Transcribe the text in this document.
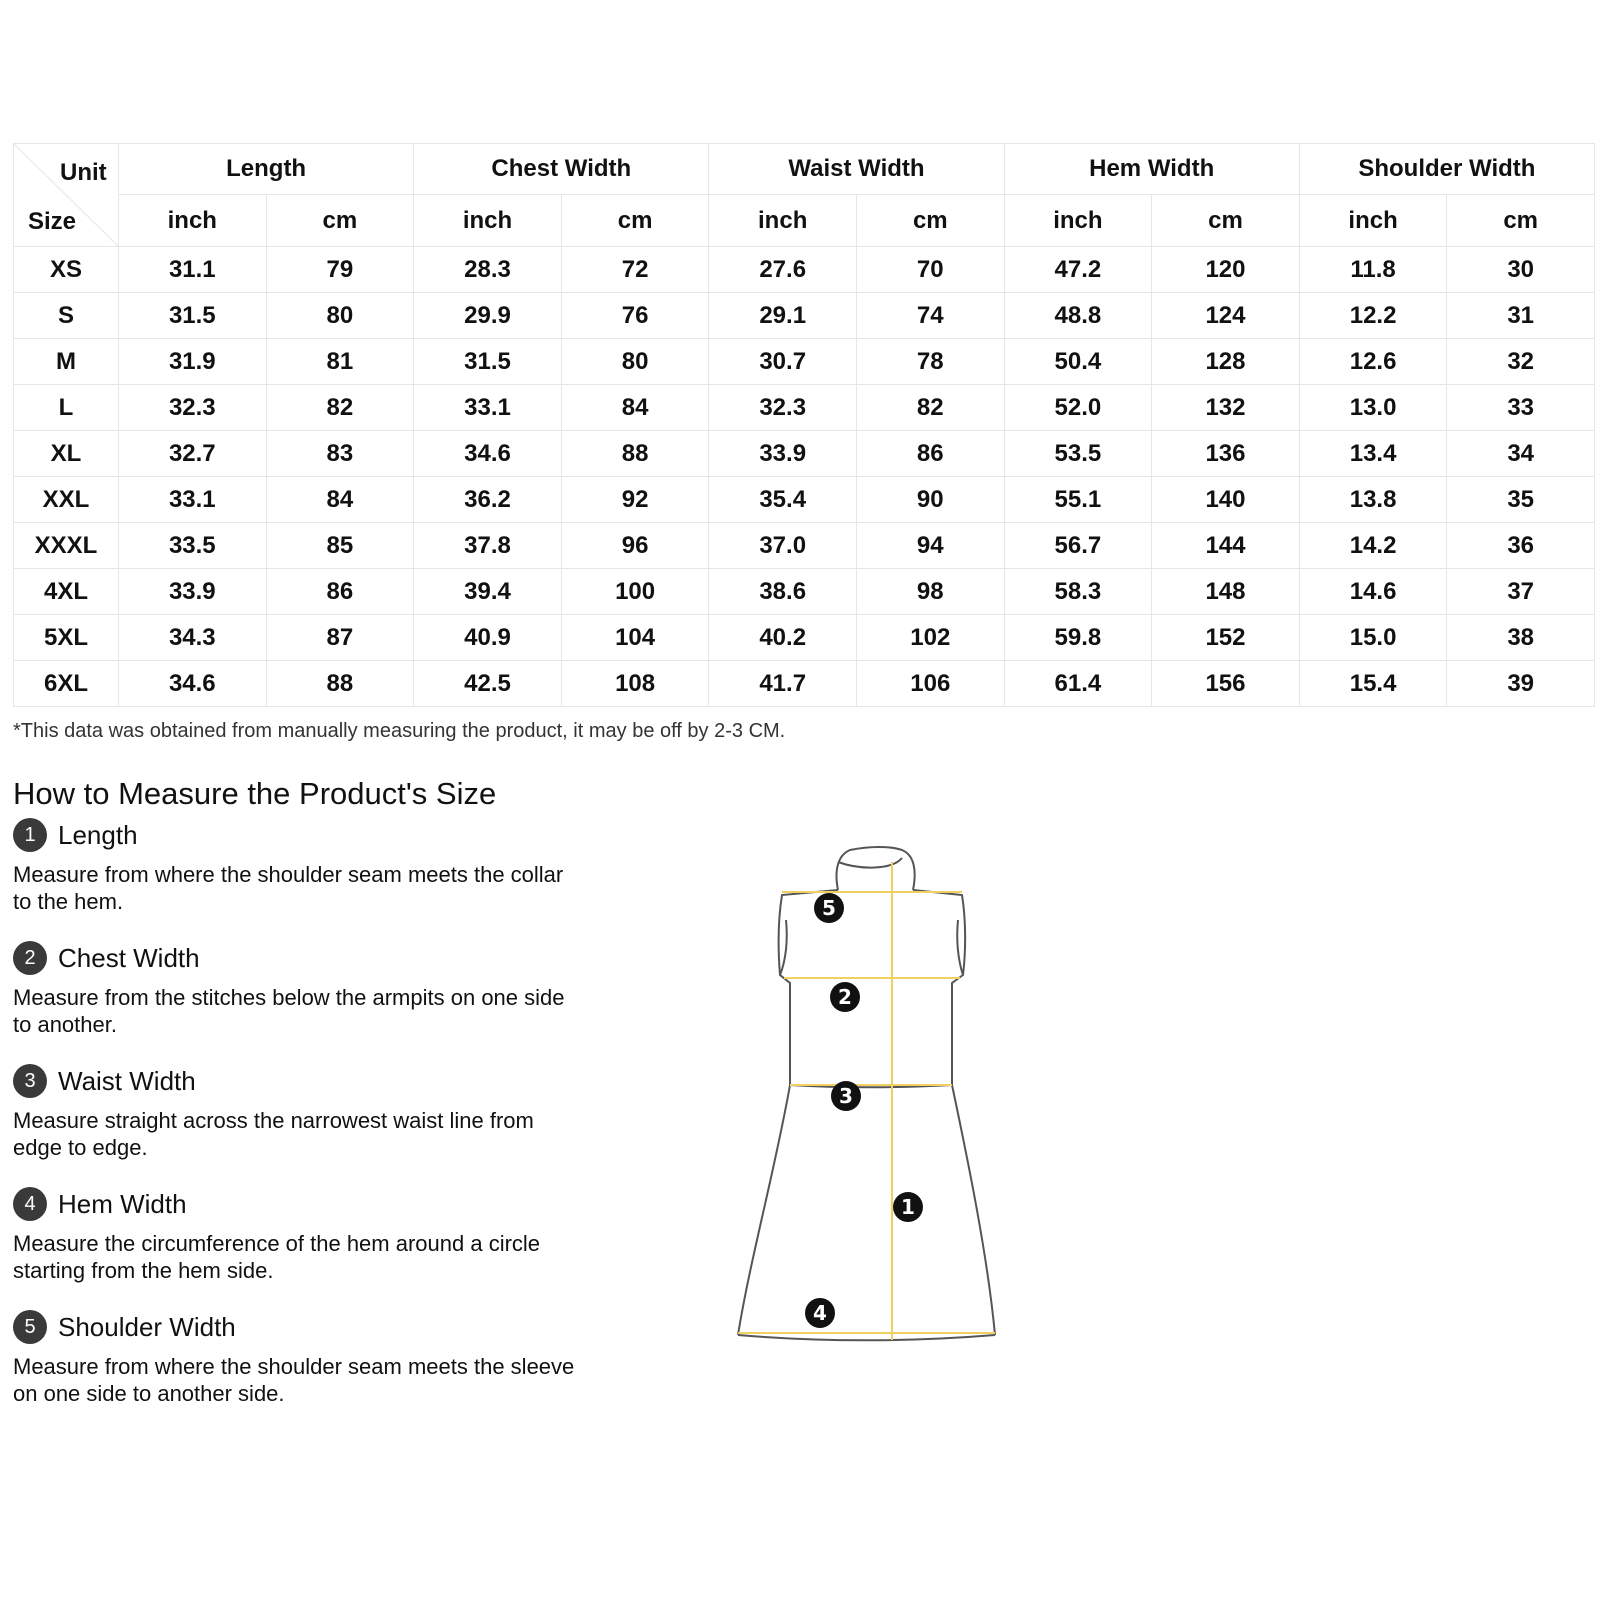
Unit
Size	Length		Chest Width		Waist Width		Hem Width		Shoulder Width	
	inch	cm	inch	cm	inch	cm	inch	cm	inch	cm
XS	31.1	79	28.3	72	27.6	70	47.2	120	11.8	30
S	31.5	80	29.9	76	29.1	74	48.8	124	12.2	31
M	31.9	81	31.5	80	30.7	78	50.4	128	12.6	32
L	32.3	82	33.1	84	32.3	82	52.0	132	13.0	33
XL	32.7	83	34.6	88	33.9	86	53.5	136	13.4	34
XXL	33.1	84	36.2	92	35.4	90	55.1	140	13.8	35
XXXL	33.5	85	37.8	96	37.0	94	56.7	144	14.2	36
4XL	33.9	86	39.4	100	38.6	98	58.3	148	14.6	37
5XL	34.3	87	40.9	104	40.2	102	59.8	152	15.0	38
6XL	34.6	88	42.5	108	41.7	106	61.4	156	15.4	39
*This data was obtained from manually measuring the product, it may be off by 2-3 CM.
How to Measure the Product's Size
1 Length
Measure from where the shoulder seam meets the collar to the hem.
2 Chest Width
Measure from the stitches below the armpits on one side to another.
3 Waist Width
Measure straight across the narrowest waist line from edge to edge.
4 Hem Width
Measure the circumference of the hem around a circle starting from the hem side.
5 Shoulder Width
Measure from where the shoulder seam meets the sleeve on one side to another side.
1
2
3
4
5
